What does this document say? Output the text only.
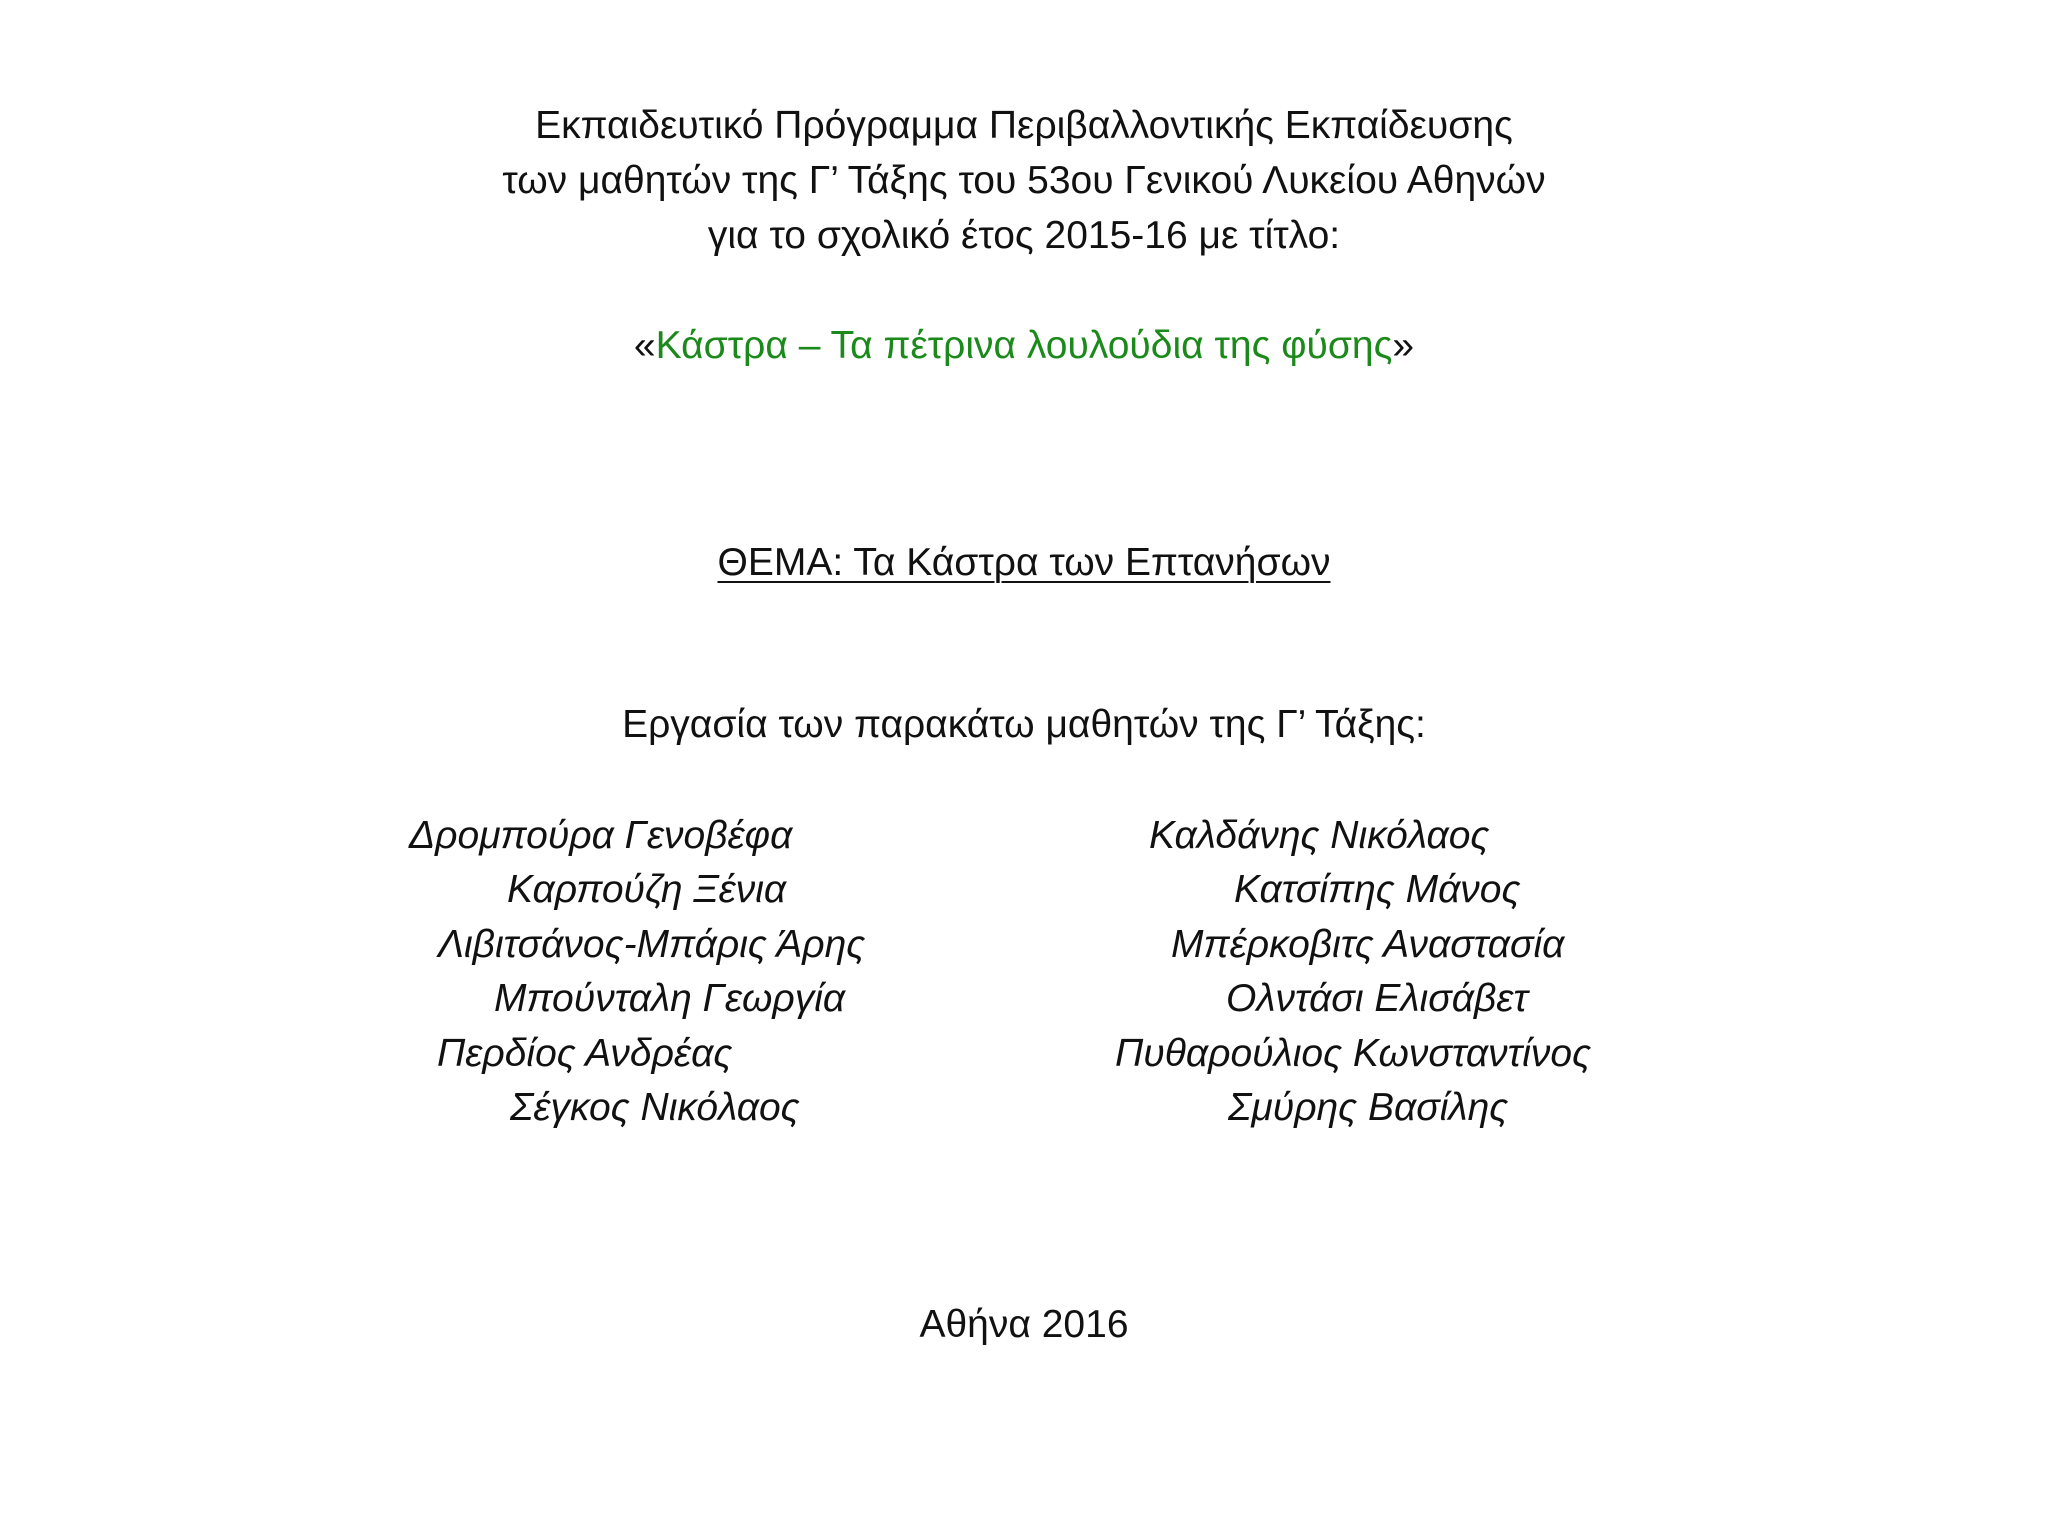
Εκπαιδευτικό Πρόγραμμα Περιβαλλοντικής Εκπαίδευσης
των μαθητών της Γ’ Τάξης του 53ου Γενικού Λυκείου Αθηνών
για το σχολικό έτος 2015-16 με τίτλο:
«Κάστρα – Τα πέτρινα λουλούδια της φύσης»
ΘΕΜΑ: Τα Κάστρα των Επτανήσων
Εργασία των παρακάτω μαθητών της Γ’ Τάξης:
Δρομπούρα Γενοβέφα
Καρπούζη Ξένια
Λιβιτσάνος-Μπάρις Άρης
Μπούνταλη Γεωργία
Περδίος Ανδρέας
Σέγκος Νικόλαος
Καλδάνης Νικόλαος
Κατσίπης Μάνος
Μπέρκοβιτς Αναστασία
Ολντάσι Ελισάβετ
Πυθαρούλιος Κωνσταντίνος
Σμύρης Βασίλης
Αθήνα 2016
